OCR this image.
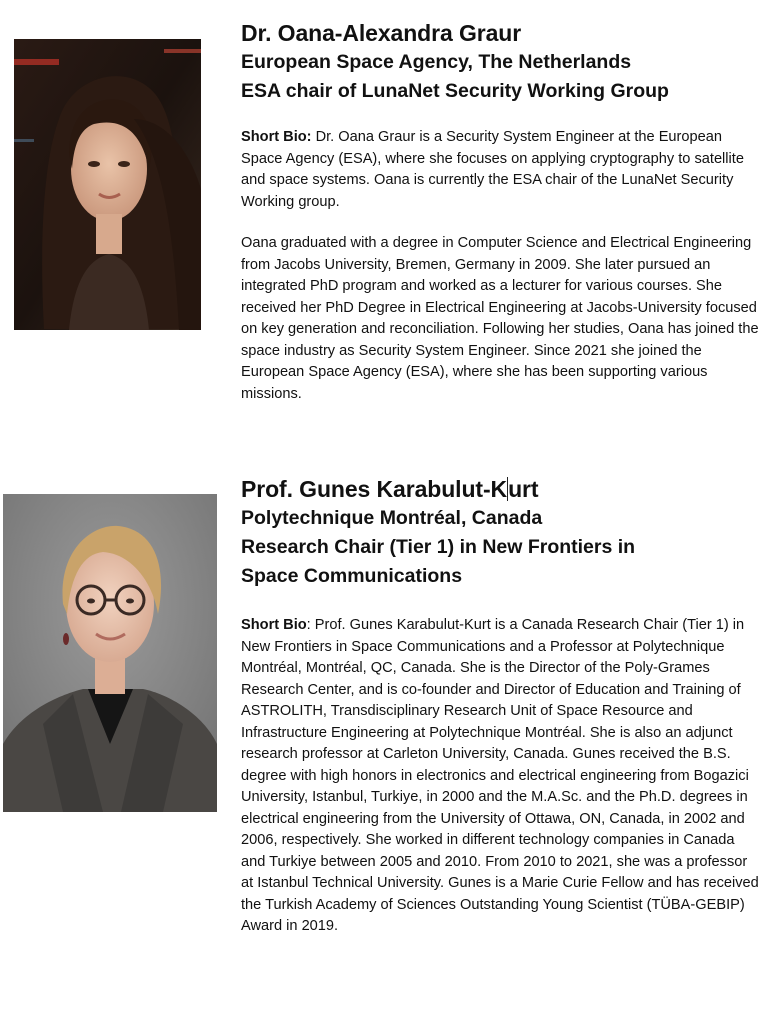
Dr. Oana-Alexandra Graur

European Space Agency, The Netherlands

ESA chair of LunaNet Security Working Group

Short Bio: Dr. Oana Graur is a Security System Engineer at the European Space Agency (ESA), where she focuses on applying cryptography to satellite and space systems. Oana is currently the ESA chair of the LunaNet Security Working group.

Oana graduated with a degree in Computer Science and Electrical Engineering from Jacobs University, Bremen, Germany in 2009. She later pursued an integrated PhD program and worked as a lecturer for various courses. She received her PhD Degree in Electrical Engineering at Jacobs-University focused on key generation and reconciliation. Following her studies, Oana has joined the space industry as Security System Engineer. Since 2021 she joined the European Space Agency (ESA), where she has been supporting various missions.

Prof. Gunes Karabulut-Kurt

Polytechnique Montréal, Canada

Research Chair (Tier 1) in New Frontiers in

Space Communications

Short Bio: Prof. Gunes Karabulut-Kurt is a Canada Research Chair (Tier 1) in New Frontiers in Space Communications and a Professor at Polytechnique Montréal, Montréal, QC, Canada. She is the Director of the Poly-Grames Research Center, and is co-founder and Director of Education and Training of ASTROLITH, Transdisciplinary Research Unit of Space Resource and Infrastructure Engineering at Polytechnique Montréal. She is also an adjunct research professor at Carleton University, Canada. Gunes received the B.S. degree with high honors in electronics and electrical engineering from Bogazici University, Istanbul, Turkiye, in 2000 and the M.A.Sc. and the Ph.D. degrees in electrical engineering from the University of Ottawa, ON, Canada, in 2002 and 2006, respectively. She worked in different technology companies in Canada and Turkiye between 2005 and 2010. From 2010 to 2021, she was a professor at Istanbul Technical University. Gunes is a Marie Curie Fellow and has received the Turkish Academy of Sciences Outstanding Young Scientist (TÜBA-GEBIP) Award in 2019.
